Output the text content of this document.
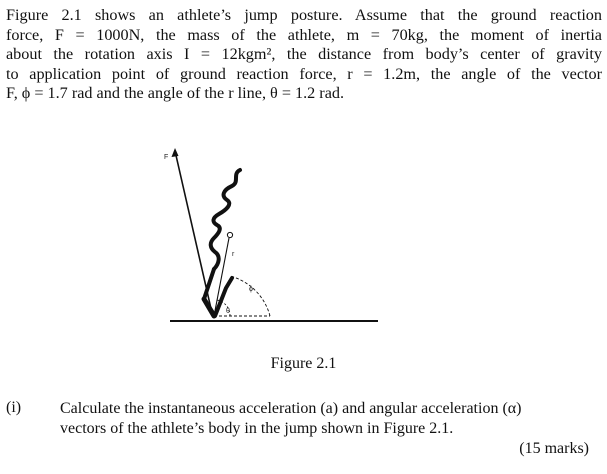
Figure 2.1 shows an athlete’s jump posture. Assume that the ground reaction
force, F = 1000N, the mass of the athlete, m = 70kg, the moment of inertia
about the rotation axis I = 12kgm², the distance from body’s center of gravity
to application point of ground reaction force, r = 1.2m, the angle of the vector
F, ϕ = 1.7 rad and the angle of the r line, θ = 1.2 rad.
F
r
ϕ
θ
Figure 2.1
(i) Calculate the instantaneous acceleration (a) and angular acceleration (α)
vectors of the athlete’s body in the jump shown in Figure 2.1.
(15 marks)
